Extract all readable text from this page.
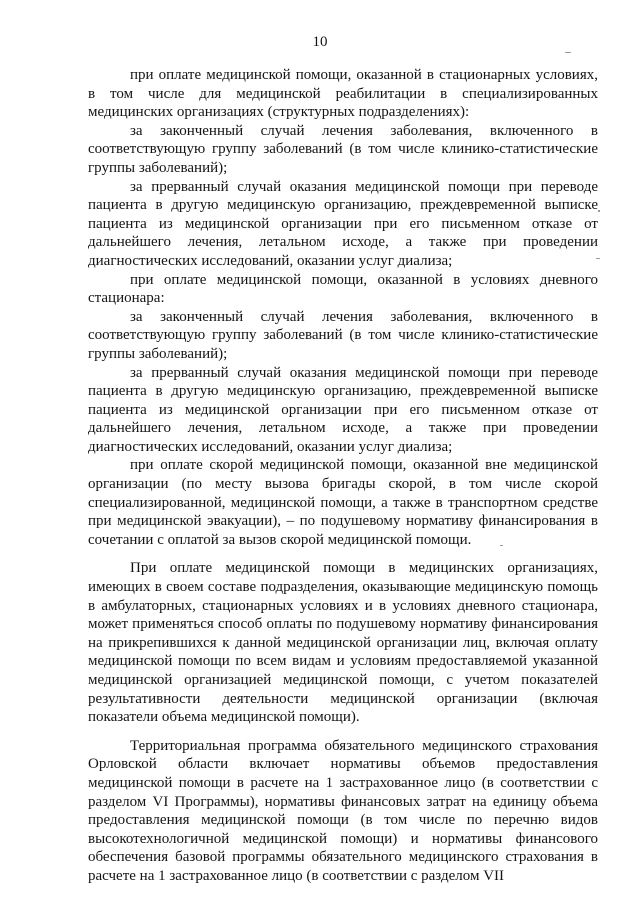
10

при оплате медицинской помощи, оказанной в стационарных условиях, в том числе для медицинской реабилитации в специализированных медицинских организациях (структурных подразделениях):

за законченный случай лечения заболевания, включенного в соответствующую группу заболеваний (в том числе клинико-статистические группы заболеваний);

за прерванный случай оказания медицинской помощи при переводе пациента в другую медицинскую организацию, преждевременной выписке пациента из медицинской организации при его письменном отказе от дальнейшего лечения, летальном исходе, а также при проведении диагностических исследований, оказании услуг диализа;

при оплате медицинской помощи, оказанной в условиях дневного стационара:

за законченный случай лечения заболевания, включенного в соответствующую группу заболеваний (в том числе клинико-статистические группы заболеваний);

за прерванный случай оказания медицинской помощи при переводе пациента в другую медицинскую организацию, преждевременной выписке пациента из медицинской организации при его письменном отказе от дальнейшего лечения, летальном исходе, а также при проведении диагностических исследований, оказании услуг диализа;

при оплате скорой медицинской помощи, оказанной вне медицинской организации (по месту вызова бригады скорой, в том числе скорой специализированной, медицинской помощи, а также в транспортном средстве при медицинской эвакуации), – по подушевому нормативу финансирования в сочетании с оплатой за вызов скорой медицинской помощи.

При оплате медицинской помощи в медицинских организациях, имеющих в своем составе подразделения, оказывающие медицинскую помощь в амбулаторных, стационарных условиях и в условиях дневного стационара, может применяться способ оплаты по подушевому нормативу финансирования на прикрепившихся к данной медицинской организации лиц, включая оплату медицинской помощи по всем видам и условиям предоставляемой указанной медицинской организацией медицинской помощи, с учетом показателей результативности деятельности медицинской организации (включая показатели объема медицинской помощи).

Территориальная программа обязательного медицинского страхования Орловской области включает нормативы объемов предоставления медицинской помощи в расчете на 1 застрахованное лицо (в соответствии с разделом VI Программы), нормативы финансовых затрат на единицу объема предоставления медицинской помощи (в том числе по перечню видов высокотехнологичной медицинской помощи) и нормативы финансового обеспечения базовой программы обязательного медицинского страхования в расчете на 1 застрахованное лицо (в соответствии с разделом VII
